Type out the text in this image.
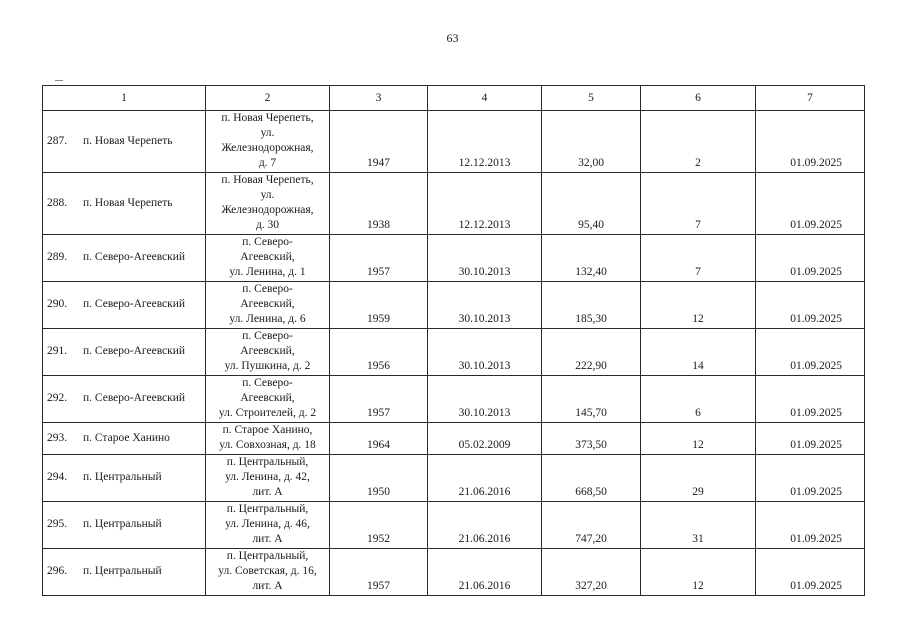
63
1	2	3	4	5	6	7
287. п. Новая Черепеть	п. Новая Черепеть,
ул.
Железнодорожная,
д. 7	1947	12.12.2013	32,00	2	01.09.2025
288. п. Новая Черепеть	п. Новая Черепеть,
ул.
Железнодорожная,
д. 30	1938	12.12.2013	95,40	7	01.09.2025
289. п. Северо-Агеевский	п. Северо-
Агеевский,
ул. Ленина, д. 1	1957	30.10.2013	132,40	7	01.09.2025
290. п. Северо-Агеевский	п. Северо-
Агеевский,
ул. Ленина, д. 6	1959	30.10.2013	185,30	12	01.09.2025
291. п. Северо-Агеевский	п. Северо-
Агеевский,
ул. Пушкина, д. 2	1956	30.10.2013	222,90	14	01.09.2025
292. п. Северо-Агеевский	п. Северо-
Агеевский,
ул. Строителей, д. 2	1957	30.10.2013	145,70	6	01.09.2025
293. п. Старое Ханино	п. Старое Ханино,
ул. Совхозная, д. 18	1964	05.02.2009	373,50	12	01.09.2025
294. п. Центральный	п. Центральный,
ул. Ленина, д. 42,
лит. А	1950	21.06.2016	668,50	29	01.09.2025
295. п. Центральный	п. Центральный,
ул. Ленина, д. 46,
лит. А	1952	21.06.2016	747,20	31	01.09.2025
296. п. Центральный	п. Центральный,
ул. Советская, д. 16,
лит. А	1957	21.06.2016	327,20	12	01.09.2025
